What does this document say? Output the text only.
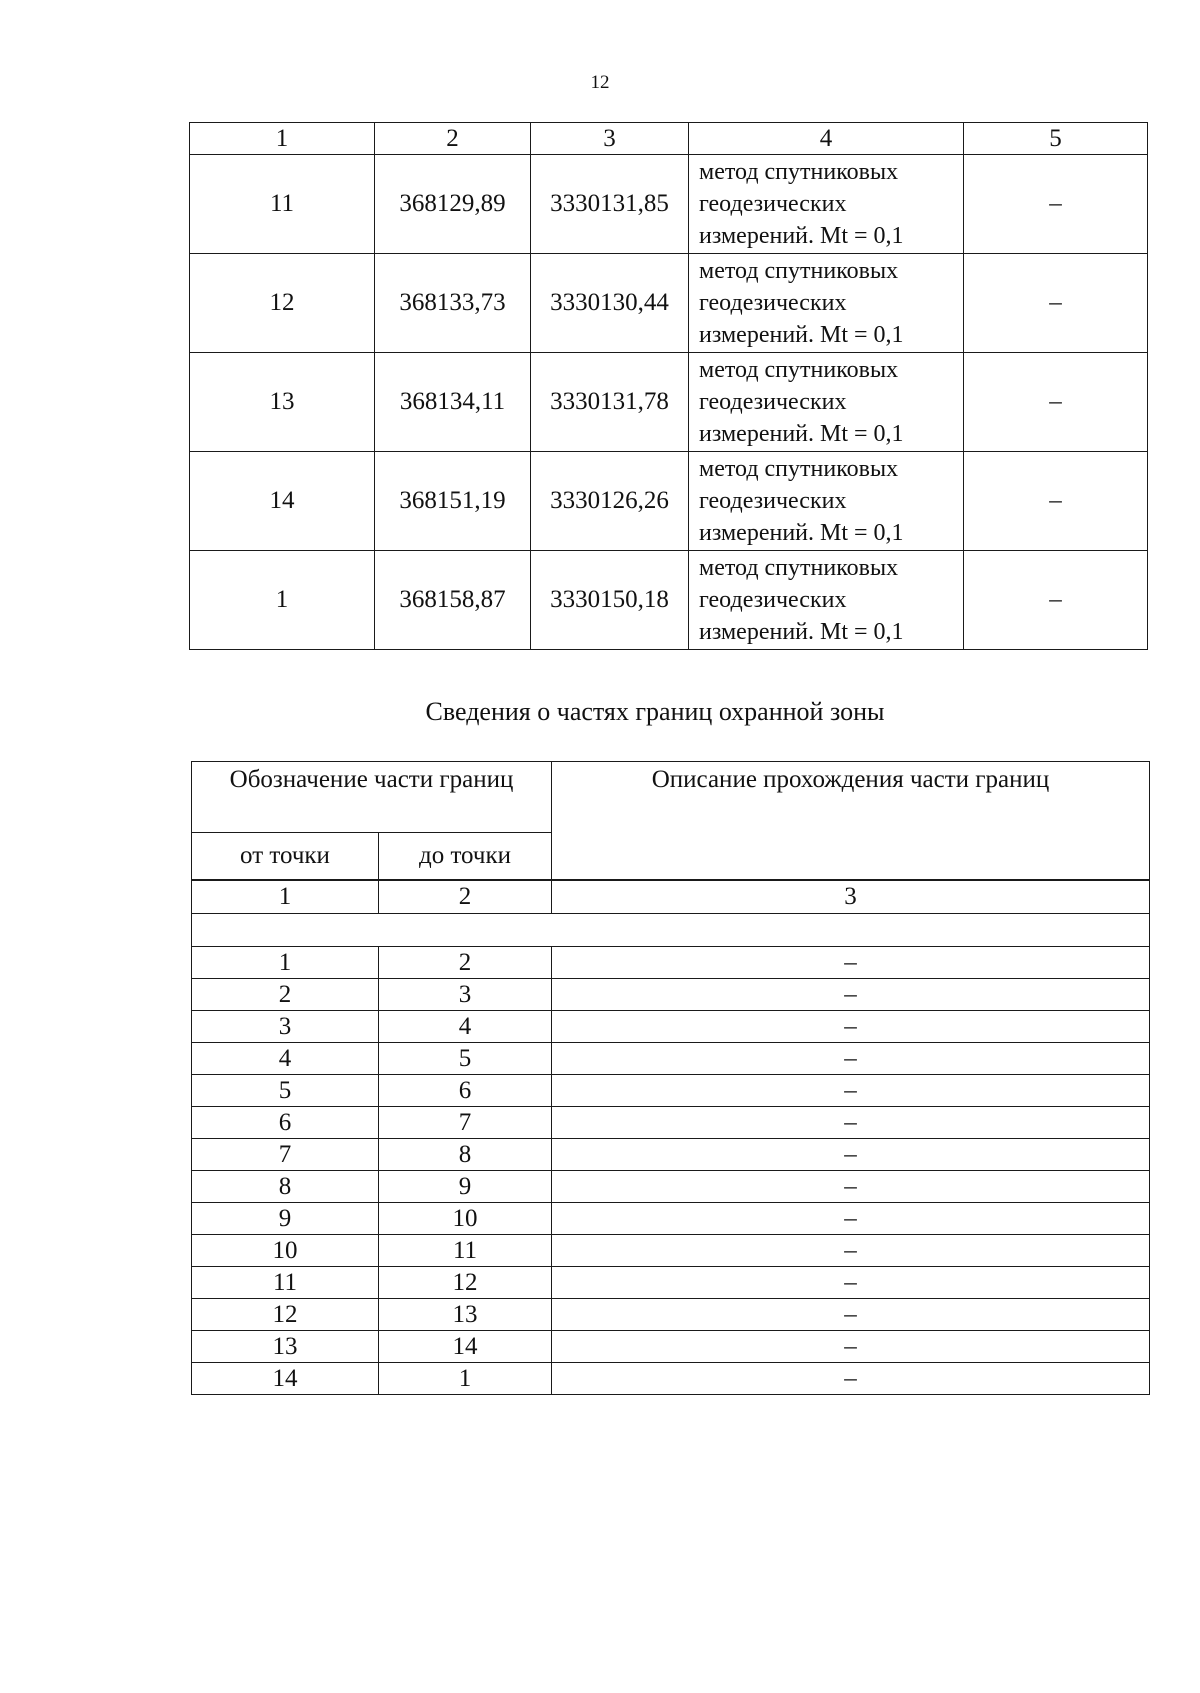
12
1	2	3	4	5
11	368129,89	3330131,85	метод спутниковых
геодезических
измерений. Mt = 0,1	–
12	368133,73	3330130,44	метод спутниковых
геодезических
измерений. Mt = 0,1	–
13	368134,11	3330131,78	метод спутниковых
геодезических
измерений. Mt = 0,1	–
14	368151,19	3330126,26	метод спутниковых
геодезических
измерений. Mt = 0,1	–
1	368158,87	3330150,18	метод спутниковых
геодезических
измерений. Mt = 0,1	–
Сведения о частях границ охранной зоны
Обозначение части границ		Описание прохождения части границ
от точки	до точки	
1	2	3

1	2	–
2	3	–
3	4	–
4	5	–
5	6	–
6	7	–
7	8	–
8	9	–
9	10	–
10	11	–
11	12	–
12	13	–
13	14	–
14	1	–
